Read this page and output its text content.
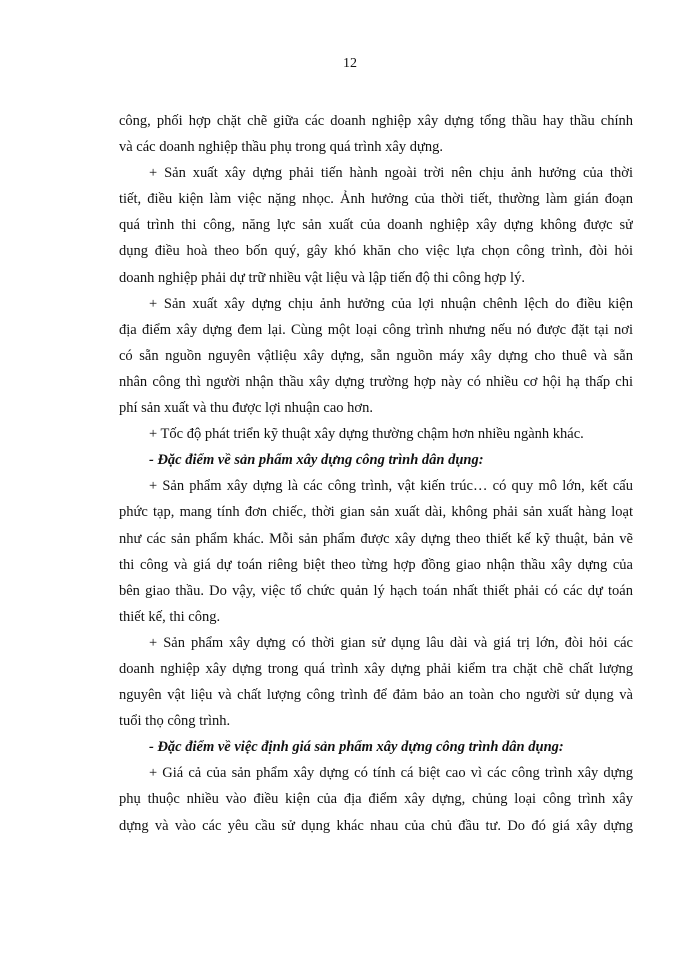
12
công, phối hợp chặt chẽ giữa các doanh nghiệp xây dựng tổng thầu hay thầu chính
và các doanh nghiệp thầu phụ trong quá trình xây dựng.
+ Sản xuất xây dựng phải tiến hành ngoài trời nên chịu ảnh hưởng của thời
tiết, điều kiện làm việc nặng nhọc. Ảnh hưởng của thời tiết, thường làm gián đoạn
quá trình thi công, năng lực sản xuất của doanh nghiệp xây dựng không được sử
dụng điều hoà theo bốn quý, gây khó khăn cho việc lựa chọn công trình, đòi hỏi
doanh nghiệp phải dự trữ nhiều vật liệu và lập tiến độ thi công hợp lý.
+ Sản xuất xây dựng chịu ảnh hưởng của lợi nhuận chênh lệch do điều kiện
địa điểm xây dựng đem lại. Cùng một loại công trình nhưng nếu nó được đặt tại nơi
có sẵn nguồn nguyên vậtliệu xây dựng, sẵn nguồn máy xây dựng cho thuê và sẵn
nhân công thì người nhận thầu xây dựng trường hợp này có nhiều cơ hội hạ thấp chi
phí sản xuất và thu được lợi nhuận cao hơn.
+ Tốc độ phát triển kỹ thuật xây dựng thường chậm hơn nhiều ngành khác.
- Đặc điểm về sản phẩm xây dựng công trình dân dụng:
+ Sản phẩm xây dựng là các công trình, vật kiến trúc… có quy mô lớn, kết cấu
phức tạp, mang tính đơn chiếc, thời gian sản xuất dài, không phải sản xuất hàng loạt
như các sản phẩm khác. Mỗi sản phẩm được xây dựng theo thiết kế kỹ thuật, bản vẽ
thi công và giá dự toán riêng biệt theo từng hợp đồng giao nhận thầu xây dựng của
bên giao thầu. Do vậy, việc tổ chức quản lý hạch toán nhất thiết phải có các dự toán
thiết kế, thi công.
+ Sản phẩm xây dựng có thời gian sử dụng lâu dài và giá trị lớn, đòi hỏi các
doanh nghiệp xây dựng trong quá trình xây dựng phải kiểm tra chặt chẽ chất lượng
nguyên vật liệu và chất lượng công trình để đảm bảo an toàn cho người sử dụng và
tuổi thọ công trình.
- Đặc điểm về việc định giá sản phẩm xây dựng công trình dân dụng:
+ Giá cả của sản phẩm xây dựng có tính cá biệt cao vì các công trình xây dựng
phụ thuộc nhiều vào điều kiện của địa điểm xây dựng, chủng loại công trình xây
dựng và vào các yêu cầu sử dụng khác nhau của chủ đầu tư. Do đó giá xây dựng
